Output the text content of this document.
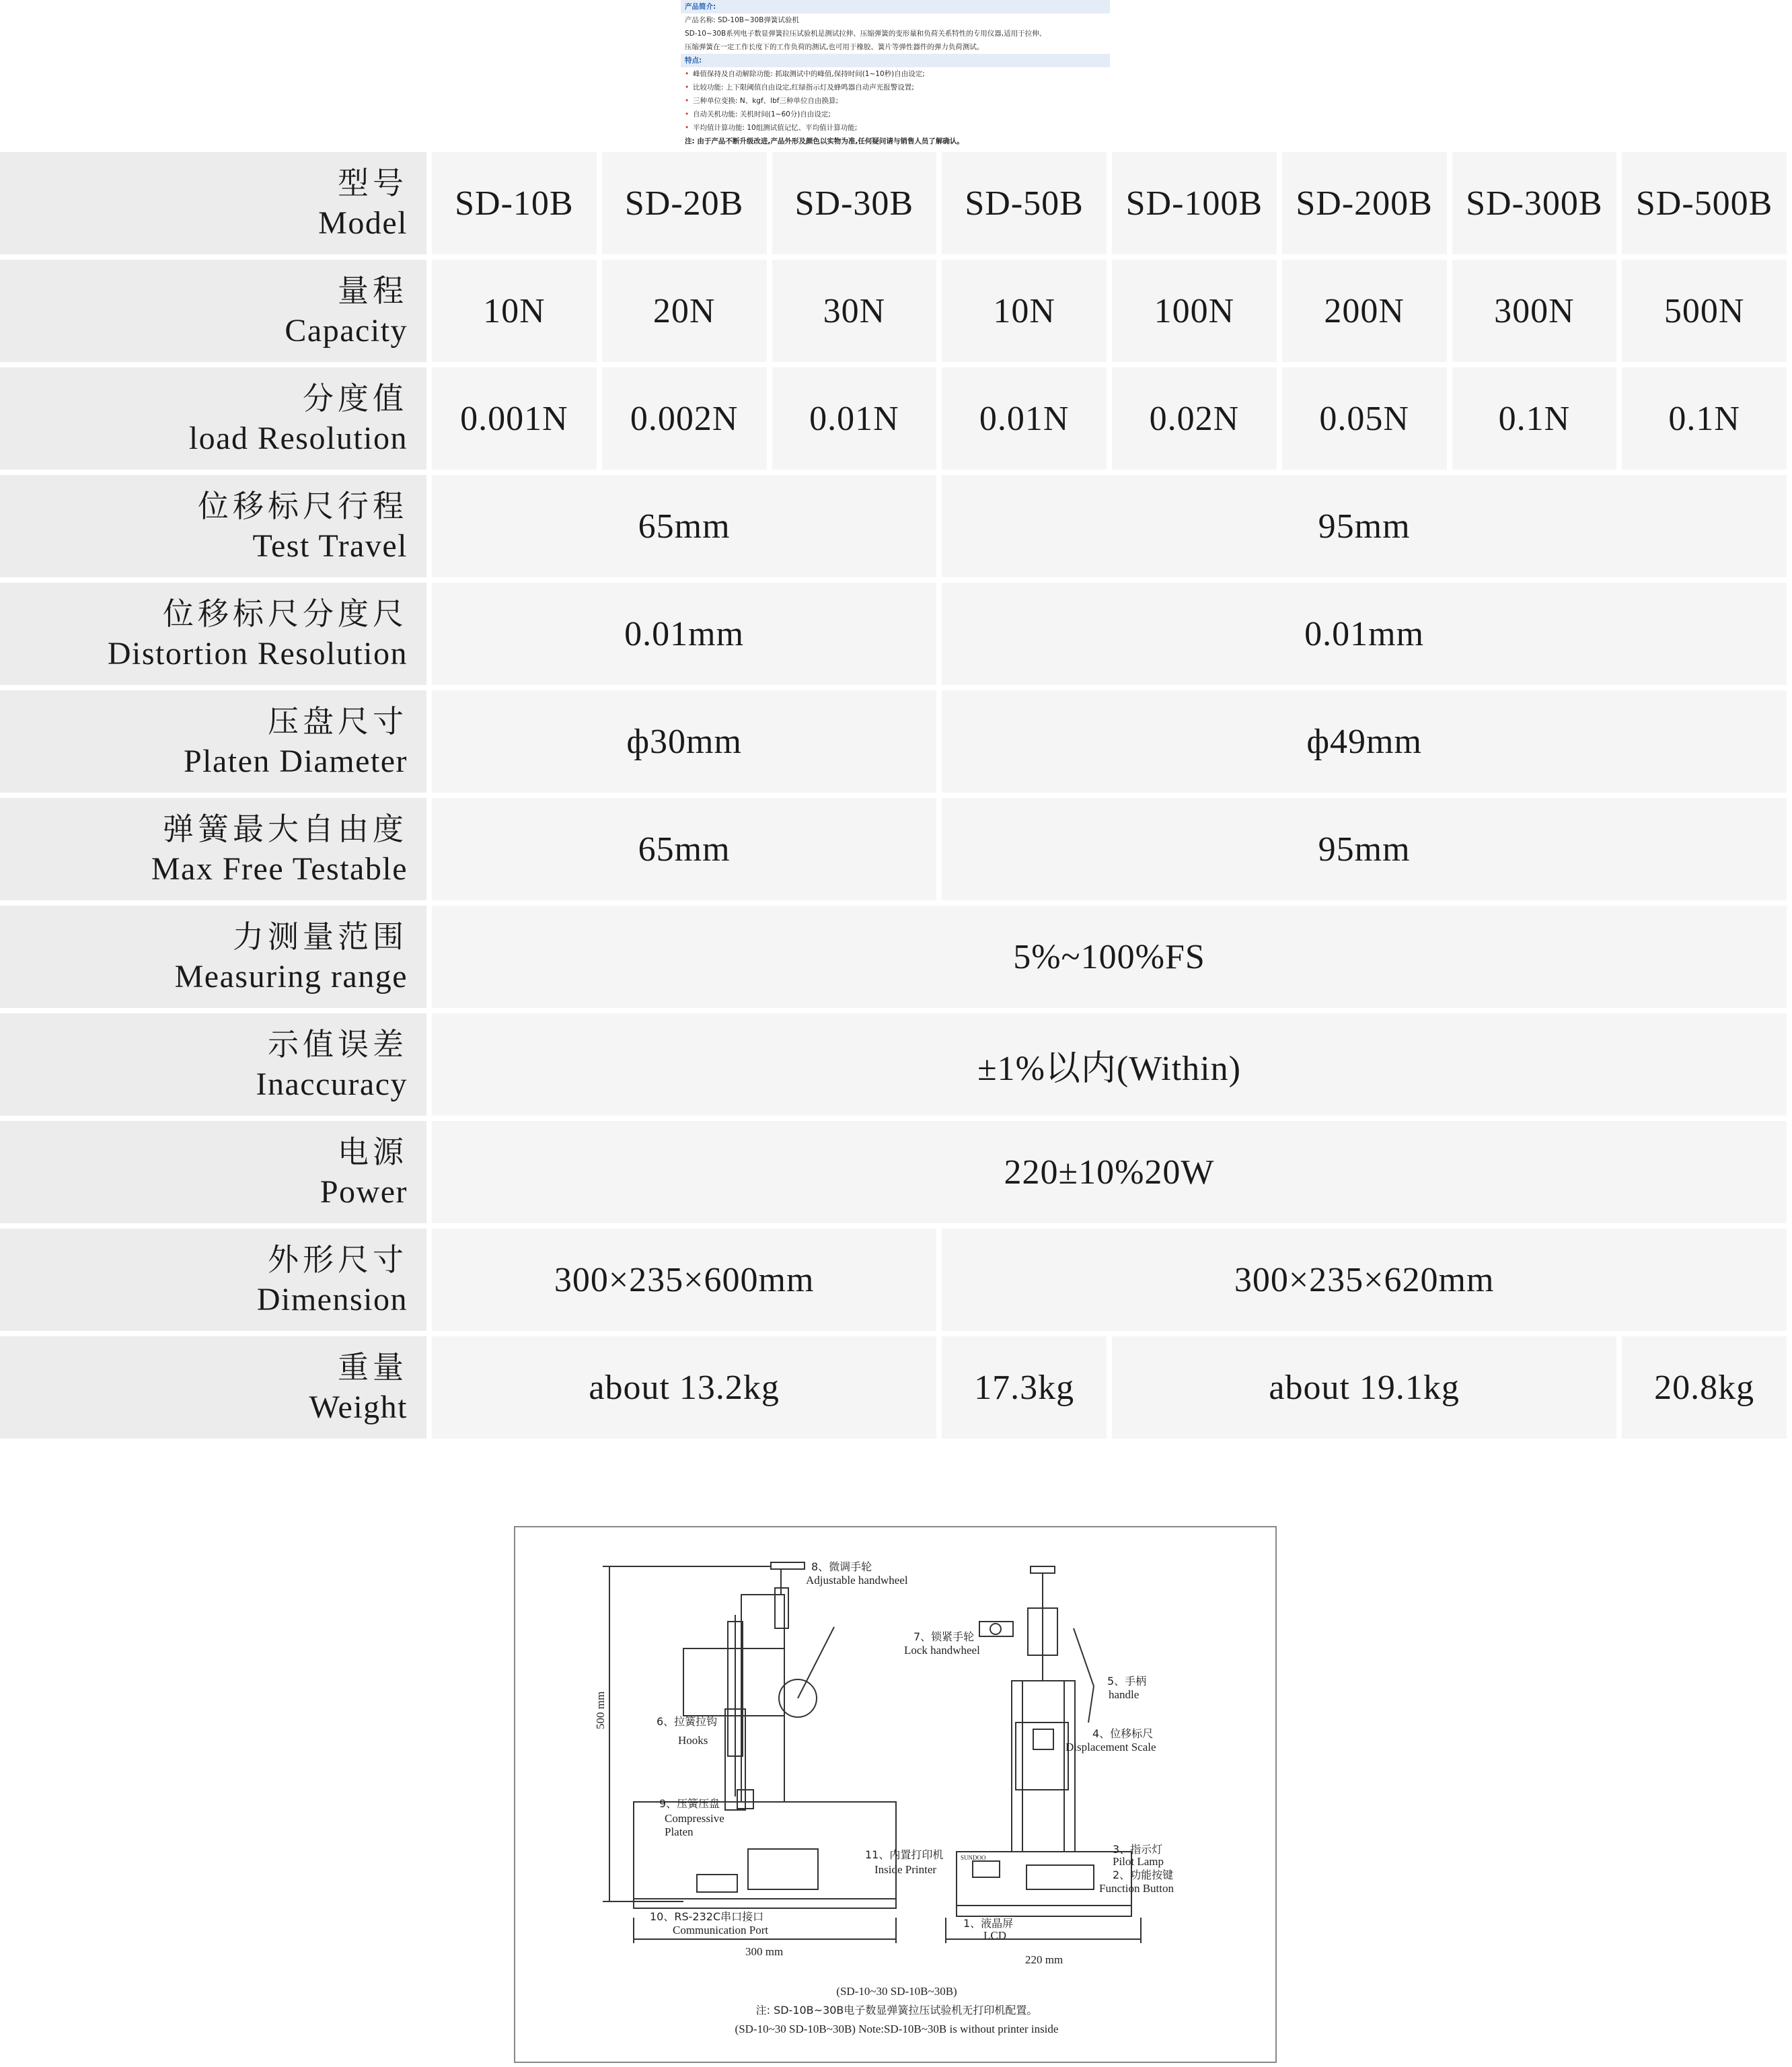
产品简介:
产品名称: SD-10B~30B弹簧试验机
SD-10~30B系列电子数显弹簧拉压试验机是测试拉伸、压缩弹簧的变形量和负荷关系特性的专用仪器,适用于拉伸、
压缩弹簧在一定工作长度下的工作负荷的测试,也可用于橡胶、簧片等弹性器件的弹力负荷测试。
特点:
• 峰值保持及自动解除功能: 抓取测试中的峰值,保持时间(1~10秒)自由设定;
• 比较功能: 上下限阈值自由设定,红绿指示灯及蜂鸣器自动声光报警设置;
• 三种单位变换: N、kgf、lbf三种单位自由换算;
• 自动关机功能: 关机时间(1~60分)自由设定;
• 平均值计算功能: 10组测试值记忆、平均值计算功能;
注: 由于产品不断升级改进,产品外形及颜色以实物为准,任何疑问请与销售人员了解确认。
型号
Model	SD-10B	SD-20B	SD-30B	SD-50B	SD-100B	SD-200B	SD-300B	SD-500B

量程
Capacity	10N	20N	30N	10N	100N	200N	300N	500N

分度值
load Resolution	0.001N	0.002N	0.01N	0.01N	0.02N	0.05N	0.1N	0.1N

位移标尺行程
Test Travel	65mm			95mm				

位移标尺分度尺
Distortion Resolution	0.01mm			0.01mm				

压盘尺寸
Platen Diameter	ф30mm			ф49mm				

弹簧最大自由度
Max Free Testable	65mm			95mm				

力测量范围
Measuring range	5%~100%FS							

示值误差
Inaccuracy	±1%以内(Within)							

电源
Power	220±10%20W							

外形尺寸
Dimension	300×235×600mm			300×235×620mm				

重量
Weight	about 13.2kg			17.3kg	about 19.1kg			20.8kg
500 mm
8、微调手轮
Adjustable handwheel
7、锁紧手轮
Lock handwheel
5、手柄
handle
4、位移标尺
Displacement Scale
6、拉簧拉钩
Hooks
9、压簧压盘
Compressive
Platen
11、内置打印机
Inside Printer
3、指示灯
Pilot Lamp
2、功能按键
Function Button
10、RS-232C串口接口
Communication Port
1、液晶屏
LCD
300 mm
220 mm
SUNDOO
(SD-10~30 SD-10B~30B)
注: SD-10B~30B电子数显弹簧拉压试验机无打印机配置。
(SD-10~30 SD-10B~30B) Note:SD-10B~30B is without printer inside
